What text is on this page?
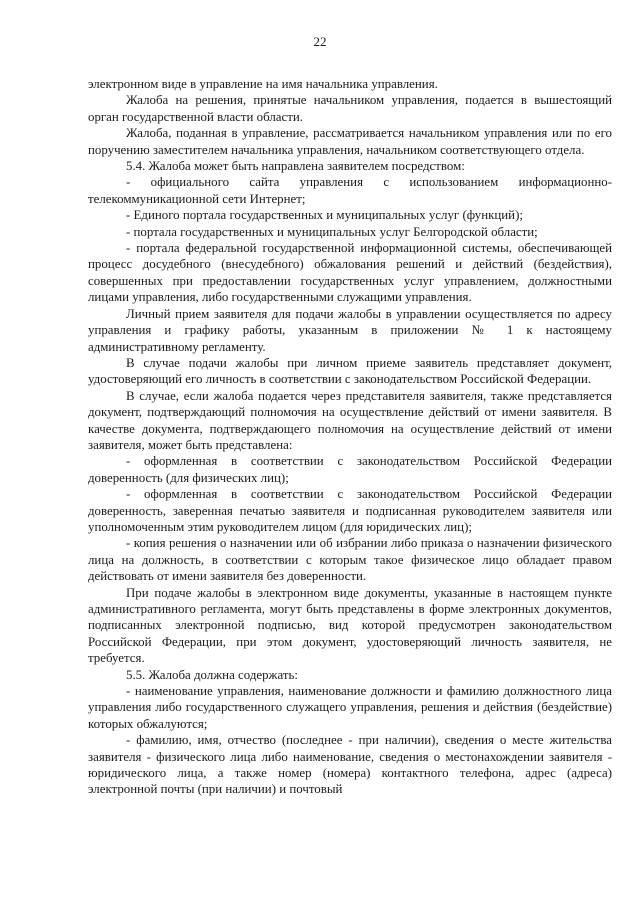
22

электронном виде в управление на имя начальника управления.

Жалоба на решения, принятые начальником управления, подается в вышестоящий орган государственной власти области.

Жалоба, поданная в управление, рассматривается начальником управления или по его поручению заместителем начальника управления, начальником соответствующего отдела.

5.4. Жалоба может быть направлена заявителем посредством:

- официального сайта управления с использованием информационно-телекоммуникационной сети Интернет;

- Единого портала государственных и муниципальных услуг (функций);

- портала государственных и муниципальных услуг Белгородской области;

- портала федеральной государственной информационной системы, обеспечивающей процесс досудебного (внесудебного) обжалования решений и действий (бездействия), совершенных при предоставлении государственных услуг управлением, должностными лицами управления, либо государственными служащими управления.

Личный прием заявителя для подачи жалобы в управлении осуществляется по адресу управления и графику работы, указанным в приложении № 1 к настоящему административному регламенту.

В случае подачи жалобы при личном приеме заявитель представляет документ, удостоверяющий его личность в соответствии с законодательством Российской Федерации.

В случае, если жалоба подается через представителя заявителя, также представляется документ, подтверждающий полномочия на осуществление действий от имени заявителя. В качестве документа, подтверждающего полномочия на осуществление действий от имени заявителя, может быть представлена:

- оформленная в соответствии с законодательством Российской Федерации доверенность (для физических лиц);

- оформленная в соответствии с законодательством Российской Федерации доверенность, заверенная печатью заявителя и подписанная руководителем заявителя или уполномоченным этим руководителем лицом (для юридических лиц);

- копия решения о назначении или об избрании либо приказа о назначении физического лица на должность, в соответствии с которым такое физическое лицо обладает правом действовать от имени заявителя без доверенности.

При подаче жалобы в электронном виде документы, указанные в настоящем пункте административного регламента, могут быть представлены в форме электронных документов, подписанных электронной подписью, вид которой предусмотрен законодательством Российской Федерации, при этом документ, удостоверяющий личность заявителя, не требуется.

5.5. Жалоба должна содержать:

- наименование управления, наименование должности и фамилию должностного лица управления либо государственного служащего управления, решения и действия (бездействие) которых обжалуются;

- фамилию, имя, отчество (последнее - при наличии), сведения о месте жительства заявителя - физического лица либо наименование, сведения о местонахождении заявителя - юридического лица, а также номер (номера) контактного телефона, адрес (адреса) электронной почты (при наличии) и почтовый
